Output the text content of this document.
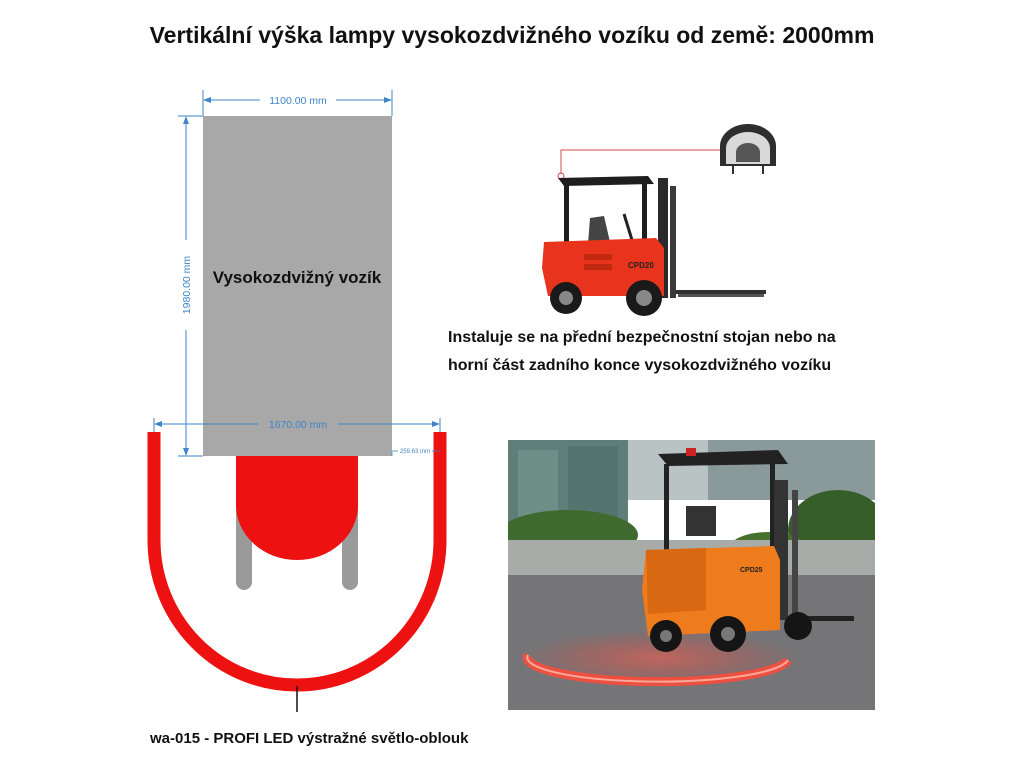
Vertikální výška lampy vysokozdvižného vozíku od země: 2000mm
Vysokozdvižný vozík
1100.00 mm
1980.00 mm
1670.00 mm
259.63 mm
CPD20
Instaluje se na přední bezpečnostní stojan nebo na
horní část zadního konce vysokozdvižného vozíku
CPD25
wa-015 - PROFI LED výstražné světlo-oblouk
